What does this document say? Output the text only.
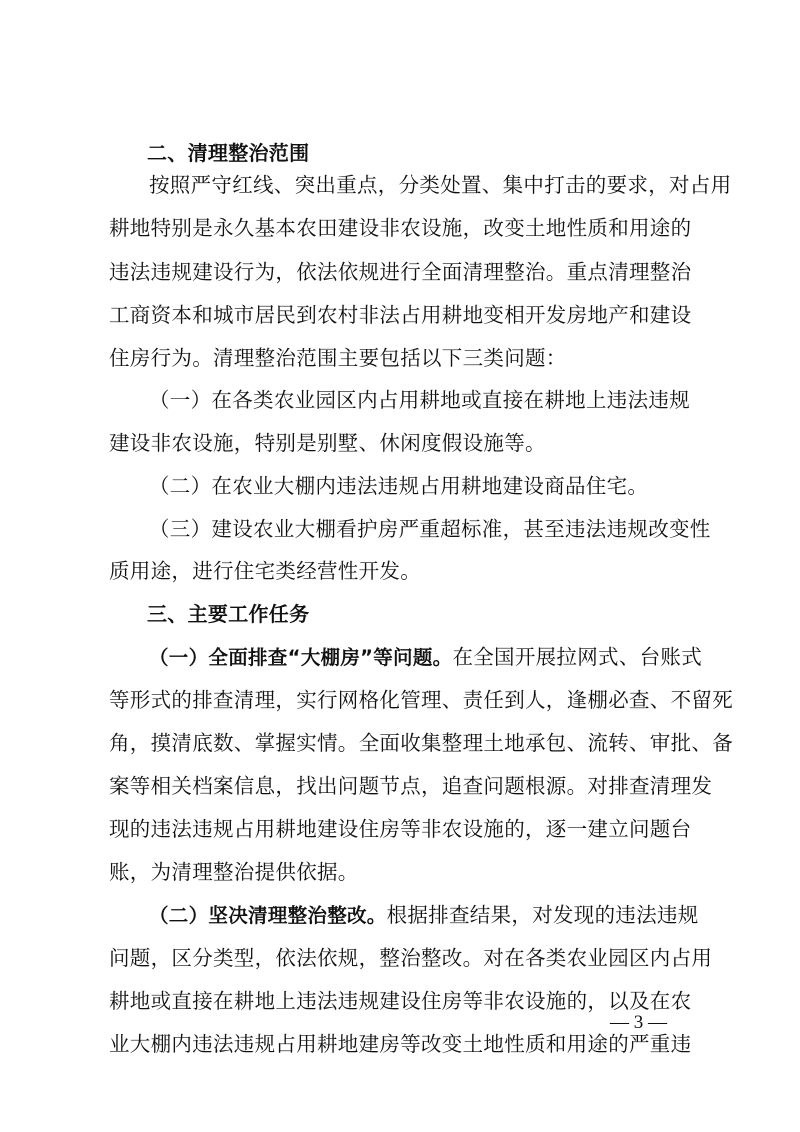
二、清理整治范围
按照严守红线、突出重点，分类处置、集中打击的要求，对占用
耕地特别是永久基本农田建设非农设施，改变土地性质和用途的
违法违规建设行为，依法依规进行全面清理整治。重点清理整治
工商资本和城市居民到农村非法占用耕地变相开发房地产和建设
住房行为。清理整治范围主要包括以下三类问题：
（一）在各类农业园区内占用耕地或直接在耕地上违法违规
建设非农设施，特别是别墅、休闲度假设施等。
（二）在农业大棚内违法违规占用耕地建设商品住宅。
（三）建设农业大棚看护房严重超标准，甚至违法违规改变性
质用途，进行住宅类经营性开发。
三、主要工作任务
（一）全面排查“大棚房”等问题。在全国开展拉网式、台账式
等形式的排查清理，实行网格化管理、责任到人，逢棚必查、不留死
角，摸清底数、掌握实情。全面收集整理土地承包、流转、审批、备
案等相关档案信息，找出问题节点，追查问题根源。对排查清理发
现的违法违规占用耕地建设住房等非农设施的，逐一建立问题台
账，为清理整治提供依据。
（二）坚决清理整治整改。根据排查结果，对发现的违法违规
问题，区分类型，依法依规，整治整改。对在各类农业园区内占用
耕地或直接在耕地上违法违规建设住房等非农设施的，以及在农
业大棚内违法违规占用耕地建房等改变土地性质和用途的严重违
— 3 —
